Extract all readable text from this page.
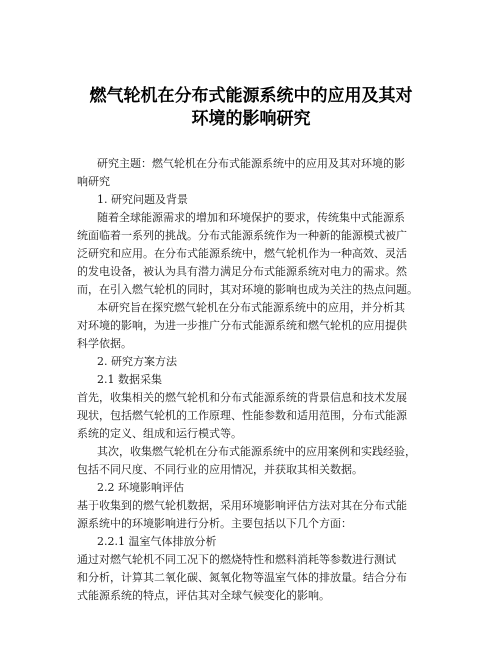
燃气轮机在分布式能源系统中的应用及其对
环境的影响研究
研究主题：燃气轮机在分布式能源系统中的应用及其对环境的影
响研究
1. 研究问题及背景
随着全球能源需求的增加和环境保护的要求，传统集中式能源系
统面临着一系列的挑战。分布式能源系统作为一种新的能源模式被广
泛研究和应用。在分布式能源系统中，燃气轮机作为一种高效、灵活
的发电设备，被认为具有潜力满足分布式能源系统对电力的需求。然
而，在引入燃气轮机的同时，其对环境的影响也成为关注的热点问题。
本研究旨在探究燃气轮机在分布式能源系统中的应用，并分析其
对环境的影响，为进一步推广分布式能源系统和燃气轮机的应用提供
科学依据。
2. 研究方案方法
2.1 数据采集
首先，收集相关的燃气轮机和分布式能源系统的背景信息和技术发展
现状，包括燃气轮机的工作原理、性能参数和适用范围，分布式能源
系统的定义、组成和运行模式等。
其次，收集燃气轮机在分布式能源系统中的应用案例和实践经验，
包括不同尺度、不同行业的应用情况，并获取其相关数据。
2.2 环境影响评估
基于收集到的燃气轮机数据，采用环境影响评估方法对其在分布式能
源系统中的环境影响进行分析。主要包括以下几个方面：
2.2.1 温室气体排放分析
通过对燃气轮机不同工况下的燃烧特性和燃料消耗等参数进行测试
和分析，计算其二氧化碳、氮氧化物等温室气体的排放量。结合分布
式能源系统的特点，评估其对全球气候变化的影响。
